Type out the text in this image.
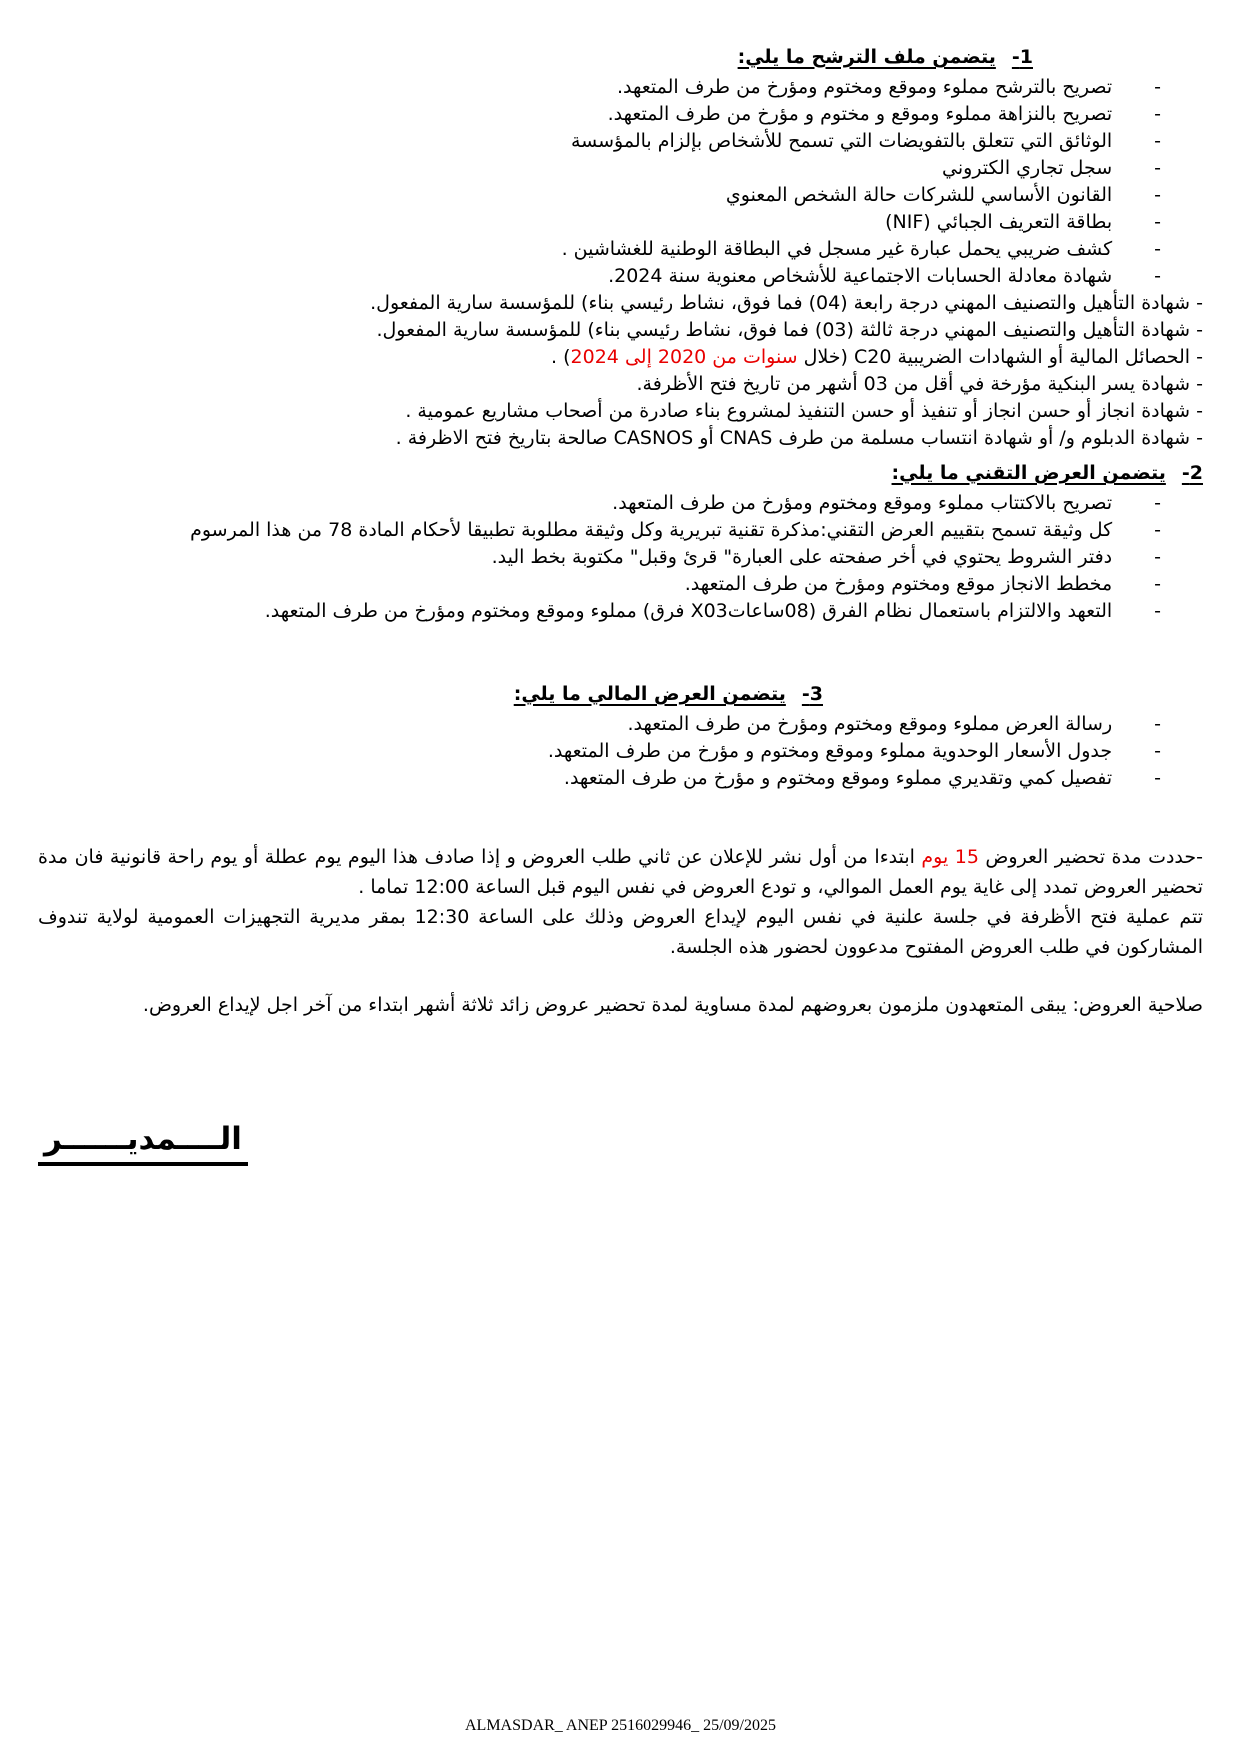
1-يتضمن ملف الترشح ما يلي:
-
تصريح بالترشح مملوء وموقع ومختوم ومؤرخ من طرف المتعهد.
-
تصريح بالنزاهة مملوء وموقع و مختوم و مؤرخ من طرف المتعهد.
-
الوثائق التي تتعلق بالتفويضات التي تسمح للأشخاص بإلزام بالمؤسسة
-
سجل تجاري الكتروني
-
القانون الأساسي للشركات حالة الشخص المعنوي
-
بطاقة التعريف الجبائي (NIF)
-
كشف ضريبي يحمل عبارة غير مسجل في البطاقة الوطنية للغشاشين .
-
شهادة معادلة الحسابات الاجتماعية للأشخاص معنوية سنة 2024.
- شهادة التأهيل والتصنيف المهني درجة رابعة (04) فما فوق، نشاط رئيسي بناء) للمؤسسة سارية المفعول.
- شهادة التأهيل والتصنيف المهني درجة ثالثة (03) فما فوق، نشاط رئيسي بناء) للمؤسسة سارية المفعول.
- الحصائل المالية أو الشهادات الضريبية C20 (خلال سنوات من 2020 إلى 2024) .
- شهادة يسر البنكية مؤرخة في أقل من 03 أشهر من تاريخ فتح الأظرفة.
- شهادة انجاز أو حسن انجاز أو تنفيذ أو حسن التنفيذ لمشروع بناء صادرة من أصحاب مشاريع عمومية .
- شهادة الدبلوم و/ أو شهادة انتساب مسلمة من طرف CNAS أو CASNOS صالحة بتاريخ فتح الاظرفة .
2-يتضمن العرض التقني ما يلي:
-
تصريح بالاكتتاب مملوء وموقع ومختوم ومؤرخ من طرف المتعهد.
-
كل وثيقة تسمح بتقييم العرض التقني:مذكرة تقنية تبريرية وكل وثيقة مطلوبة تطبيقا لأحكام المادة 78 من هذا المرسوم
-
دفتر الشروط يحتوي في أخر صفحته على العبارة" قرئ وقبل" مكتوبة بخط اليد.
-
مخطط الانجاز موقع ومختوم ومؤرخ من طرف المتعهد.
-
التعهد والالتزام باستعمال نظام الفرق (08ساعاتX03 فرق) مملوء وموقع ومختوم ومؤرخ من طرف المتعهد.
3-يتضمن العرض المالي ما يلي:
-
رسالة العرض مملوء وموقع ومختوم ومؤرخ من طرف المتعهد.
-
جدول الأسعار الوحدوية مملوء وموقع ومختوم و مؤرخ من طرف المتعهد.
-
تفصيل كمي وتقديري مملوء وموقع ومختوم و مؤرخ من طرف المتعهد.
-حددت مدة تحضير العروض 15 يوم ابتدءا من أول نشر للإعلان عن ثاني طلب العروض و إذا صادف هذا اليوم يوم عطلة أو يوم راحة قانونية فان مدة تحضير العروض تمدد إلى غاية يوم العمل الموالي، و تودع العروض في نفس اليوم قبل الساعة 12:00 تماما .
تتم عملية فتح الأظرفة في جلسة علنية في نفس اليوم لإيداع العروض وذلك على الساعة 12:30 بمقر مديرية التجهيزات العمومية لولاية تندوف المشاركون في طلب العروض المفتوح مدعوون لحضور هذه الجلسة.
صلاحية العروض: يبقى المتعهدون ملزمون بعروضهم لمدة مساوية لمدة تحضير عروض زائد ثلاثة أشهر ابتداء من آخر اجل لإيداع العروض.
الــــمديــــــر
ALMASDAR_ ANEP 2516029946_ 25/09/2025
